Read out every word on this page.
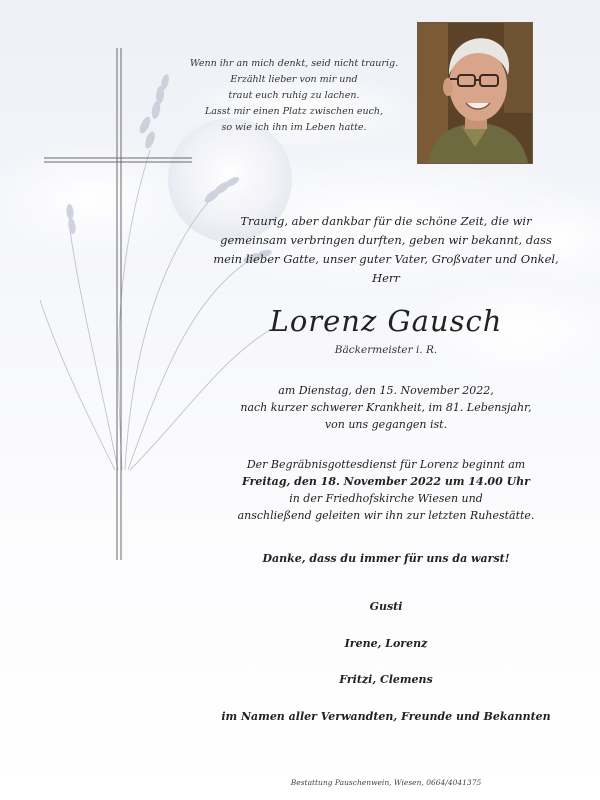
Wenn ihr an mich denkt, seid nicht traurig.
Erzählt lieber von mir und
traut euch ruhig zu lachen.
Lasst mir einen Platz zwischen euch,
so wie ich ihn im Leben hatte.
Traurig, aber dankbar für die schöne Zeit, die wir
gemeinsam verbringen durften, geben wir bekannt, dass
mein lieber Gatte, unser guter Vater, Großvater und Onkel,
Herr
Lorenz Gausch
Bäckermeister i. R.
am Dienstag, den 15. November 2022,
nach kurzer schwerer Krankheit, im 81. Lebensjahr,
von uns gegangen ist.
Der Begräbnisgottesdienst für Lorenz beginnt am
Freitag, den 18. November 2022 um 14.00 Uhr
in der Friedhofskirche Wiesen und
anschließend geleiten wir ihn zur letzten Ruhestätte.
Danke, dass du immer für uns da warst!
Gusti
Irene, Lorenz
Fritzi, Clemens
im Namen aller Verwandten, Freunde und Bekannten
Bestattung Pauschenwein, Wiesen, 0664/4041375
